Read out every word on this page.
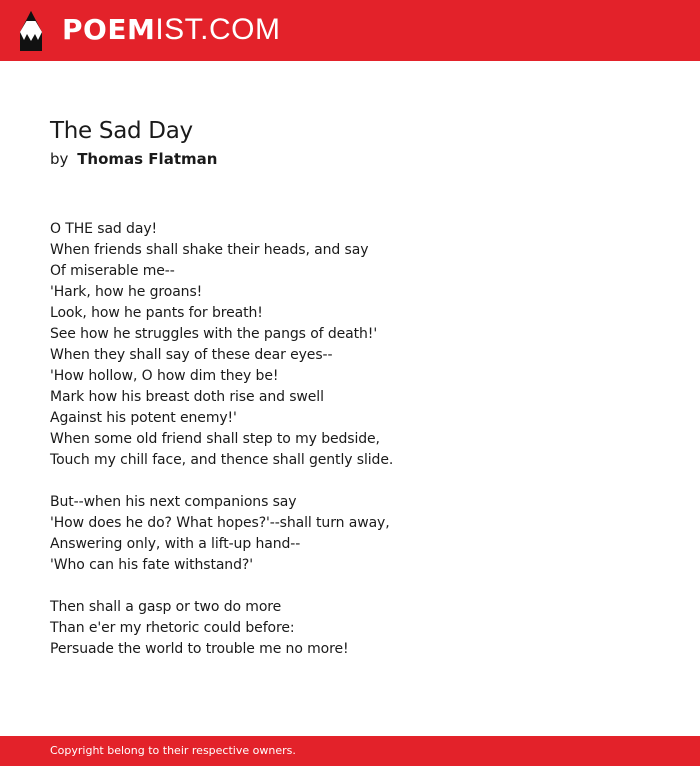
POEMIST.COM
The Sad Day
by Thomas Flatman
O THE sad day!
When friends shall shake their heads, and say
Of miserable me--
'Hark, how he groans!
Look, how he pants for breath!
See how he struggles with the pangs of death!'
When they shall say of these dear eyes--
'How hollow, O how dim they be!
Mark how his breast doth rise and swell
Against his potent enemy!'
When some old friend shall step to my bedside,
Touch my chill face, and thence shall gently slide.
But--when his next companions say
'How does he do? What hopes?'--shall turn away,
Answering only, with a lift-up hand--
'Who can his fate withstand?'
Then shall a gasp or two do more
Than e'er my rhetoric could before:
Persuade the world to trouble me no more!
Copyright belong to their respective owners.
